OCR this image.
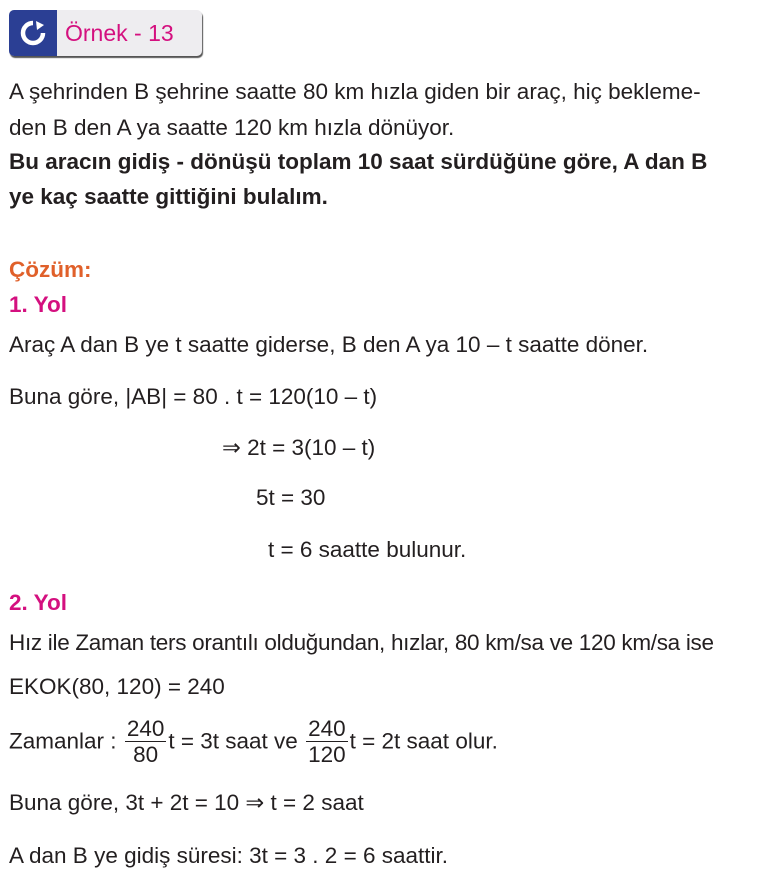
Örnek - 13
A şehrinden B şehrine saatte 80 km hızla giden bir araç, hiç bekleme-
den B den A ya saatte 120 km hızla dönüyor.
Bu aracın gidiş - dönüşü toplam 10 saat sürdüğüne göre, A dan B
ye kaç saatte gittiğini bulalım.
Çözüm:
1. Yol
Araç A dan B ye t saatte giderse, B den A ya 10 – t saatte döner.
Buna göre, |AB| = 80 . t = 120(10 – t)
⇒ 2t = 3(10 – t)
5t = 30
t = 6 saatte bulunur.
2. Yol
Hız ile Zaman ters orantılı olduğundan, hızlar, 80 km/sa ve 120 km/sa ise
EKOK(80, 120) = 240
Zamanlar : $\frac{240}{80}$ t = 3t saat ve $\frac{240}{120}$ t = 2t saat olur.
Buna göre, 3t + 2t = 10 ⇒ t = 2 saat
A dan B ye gidiş süresi: 3t = 3 . 2 = 6 saattir.
